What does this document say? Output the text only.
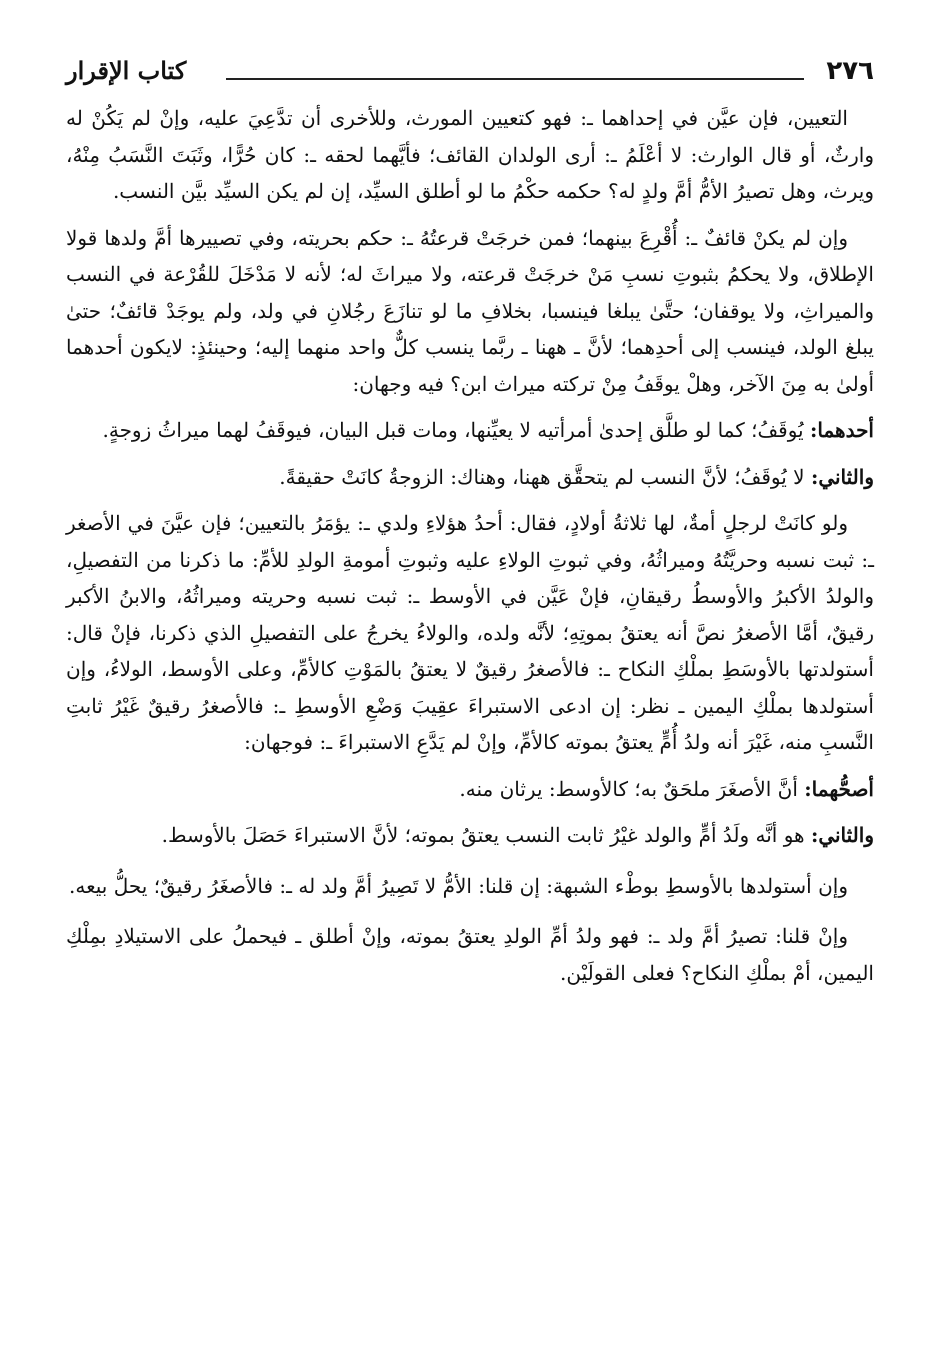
٢٧٦
كتاب الإقرار

التعيين، فإن عيَّن في إحداهما ـ: فهو كتعيين المورث، وللأخرى أن تدَّعِيَ عليه، وإنْ لم يَكُنْ له وارثٌ، أو قال الوارث: لا أعْلَمُ ـ: أرى الولدان القائف؛ فأيَّهما لحقه ـ: كان حُرًّا، وثَبَتَ النَّسَبُ مِنْهُ، ويرث، وهل تصيرُ الأمُّ أمَّ ولدٍ له؟ حكمه حكْمُ ما لو أطلق السيِّد، إن لم يكن السيِّد بيَّن النسب.

وإن لم يكنْ قائفٌ ـ: أُقْرِعَ بينهما؛ فمن خرجَتْ قرعتُهُ ـ: حكم بحريته، وفي تصييرها أمَّ ولدها قولا الإطلاق، ولا يحكمُ بثبوتِ نسبِ مَنْ خرجَتْ قرعته، ولا ميراثَ له؛ لأنه لا مَدْخَلَ للقُرْعة في النسب والميراثِ، ولا يوقفان؛ حتَّىٰ يبلغا فينسبا، بخلافِ ما لو تنازَعَ رجُلانِ في ولد، ولم يوجَدْ قائفٌ؛ حتىٰ يبلغ الولد، فينسب إلى أحدِهما؛ لأنَّ ـ ههنا ـ ربَّما ينسب كلٌّ واحد منهما إليه؛ وحينئذٍ: لايكون أحدهما أولىٰ به مِنَ الآخر، وهلْ يوقَفُ مِنْ تركته ميراث ابن؟ فيه وجهان:

أحدهما: يُوقَفُ؛ كما لو طلَّق إحدىٰ أمرأتيه لا يعيِّنها، ومات قبل البيان، فيوقَفُ لهما ميراثُ زوجةٍ.

والثاني: لا يُوقَفُ؛ لأنَّ النسب لم يتحقَّق ههنا، وهناك: الزوجةُ كانَتْ حقيقةً.

ولو كانَتْ لرجلٍ أمةٌ، لها ثلاثةُ أولادٍ، فقال: أحدُ هؤلاءِ ولدي ـ: يؤمَرُ بالتعيين؛ فإن عيَّنَ في الأصغر ـ: ثبت نسبه وحريَّتُهُ وميراثُهُ، وفي ثبوتِ الولاءِ عليه وثبوتِ أمومةِ الولدِ للأمِّ: ما ذكرنا من التفصيلِ، والولدُ الأكبرُ والأوسطُ رقيقانِ، فإنْ عَيَّن في الأوسط ـ: ثبت نسبه وحريته وميراثُهُ، والابنُ الأكبر رقيقٌ، أمَّا الأصغرُ نصَّ أنه يعتقُ بموتِهِ؛ لأنَّه ولده، والولاءُ يخرجُ على التفصيلِ الذي ذكرنا، فإنْ قال: أستولدتها بالأوسَطِ بملْكِ النكاح ـ: فالأصغرُ رقيقٌ لا يعتقُ بالمَوْتِ كالأمِّ، وعلى الأوسط، الولاءُ، وإن أستولدها بملْكِ اليمين ـ نظر: إن ادعى الاستبراءَ عقِيبَ وَضْعِ الأوسطِ ـ: فالأصغرُ رقيقٌ غَيْرُ ثابتِ النَّسبِ منه، غَيْرَ أنه ولدُ أُمٍّ يعتقُ بموته كالأمِّ، وإنْ لم يَدَّعِ الاستبراءَ ـ: فوجهان:

أصحُّهما: أنَّ الأصغَرَ ملحَقٌ به؛ كالأوسط: يرثان منه.

والثاني: هو أنَّه ولَدُ أمٍّ والولد غيْرُ ثابت النسب يعتقُ بموته؛ لأنَّ الاستبراءَ حَصَلَ بالأوسط.

وإن أستولدها بالأوسطِ بوطْء الشبهة: إن قلنا: الأمُّ لا تَصِيرُ أمَّ ولد له ـ: فالأصغَرُ رقيقٌ؛ يحلُّ بيعه.

وإنْ قلنا: تصيرُ أمَّ ولد ـ: فهو ولدُ أمِّ الولدِ يعتقُ بموته، وإنْ أطلق ـ فيحملُ على الاستيلادِ بمِلْكِ اليمين، أمْ بملْكِ النكاح؟ فعلى القولَيْن.
